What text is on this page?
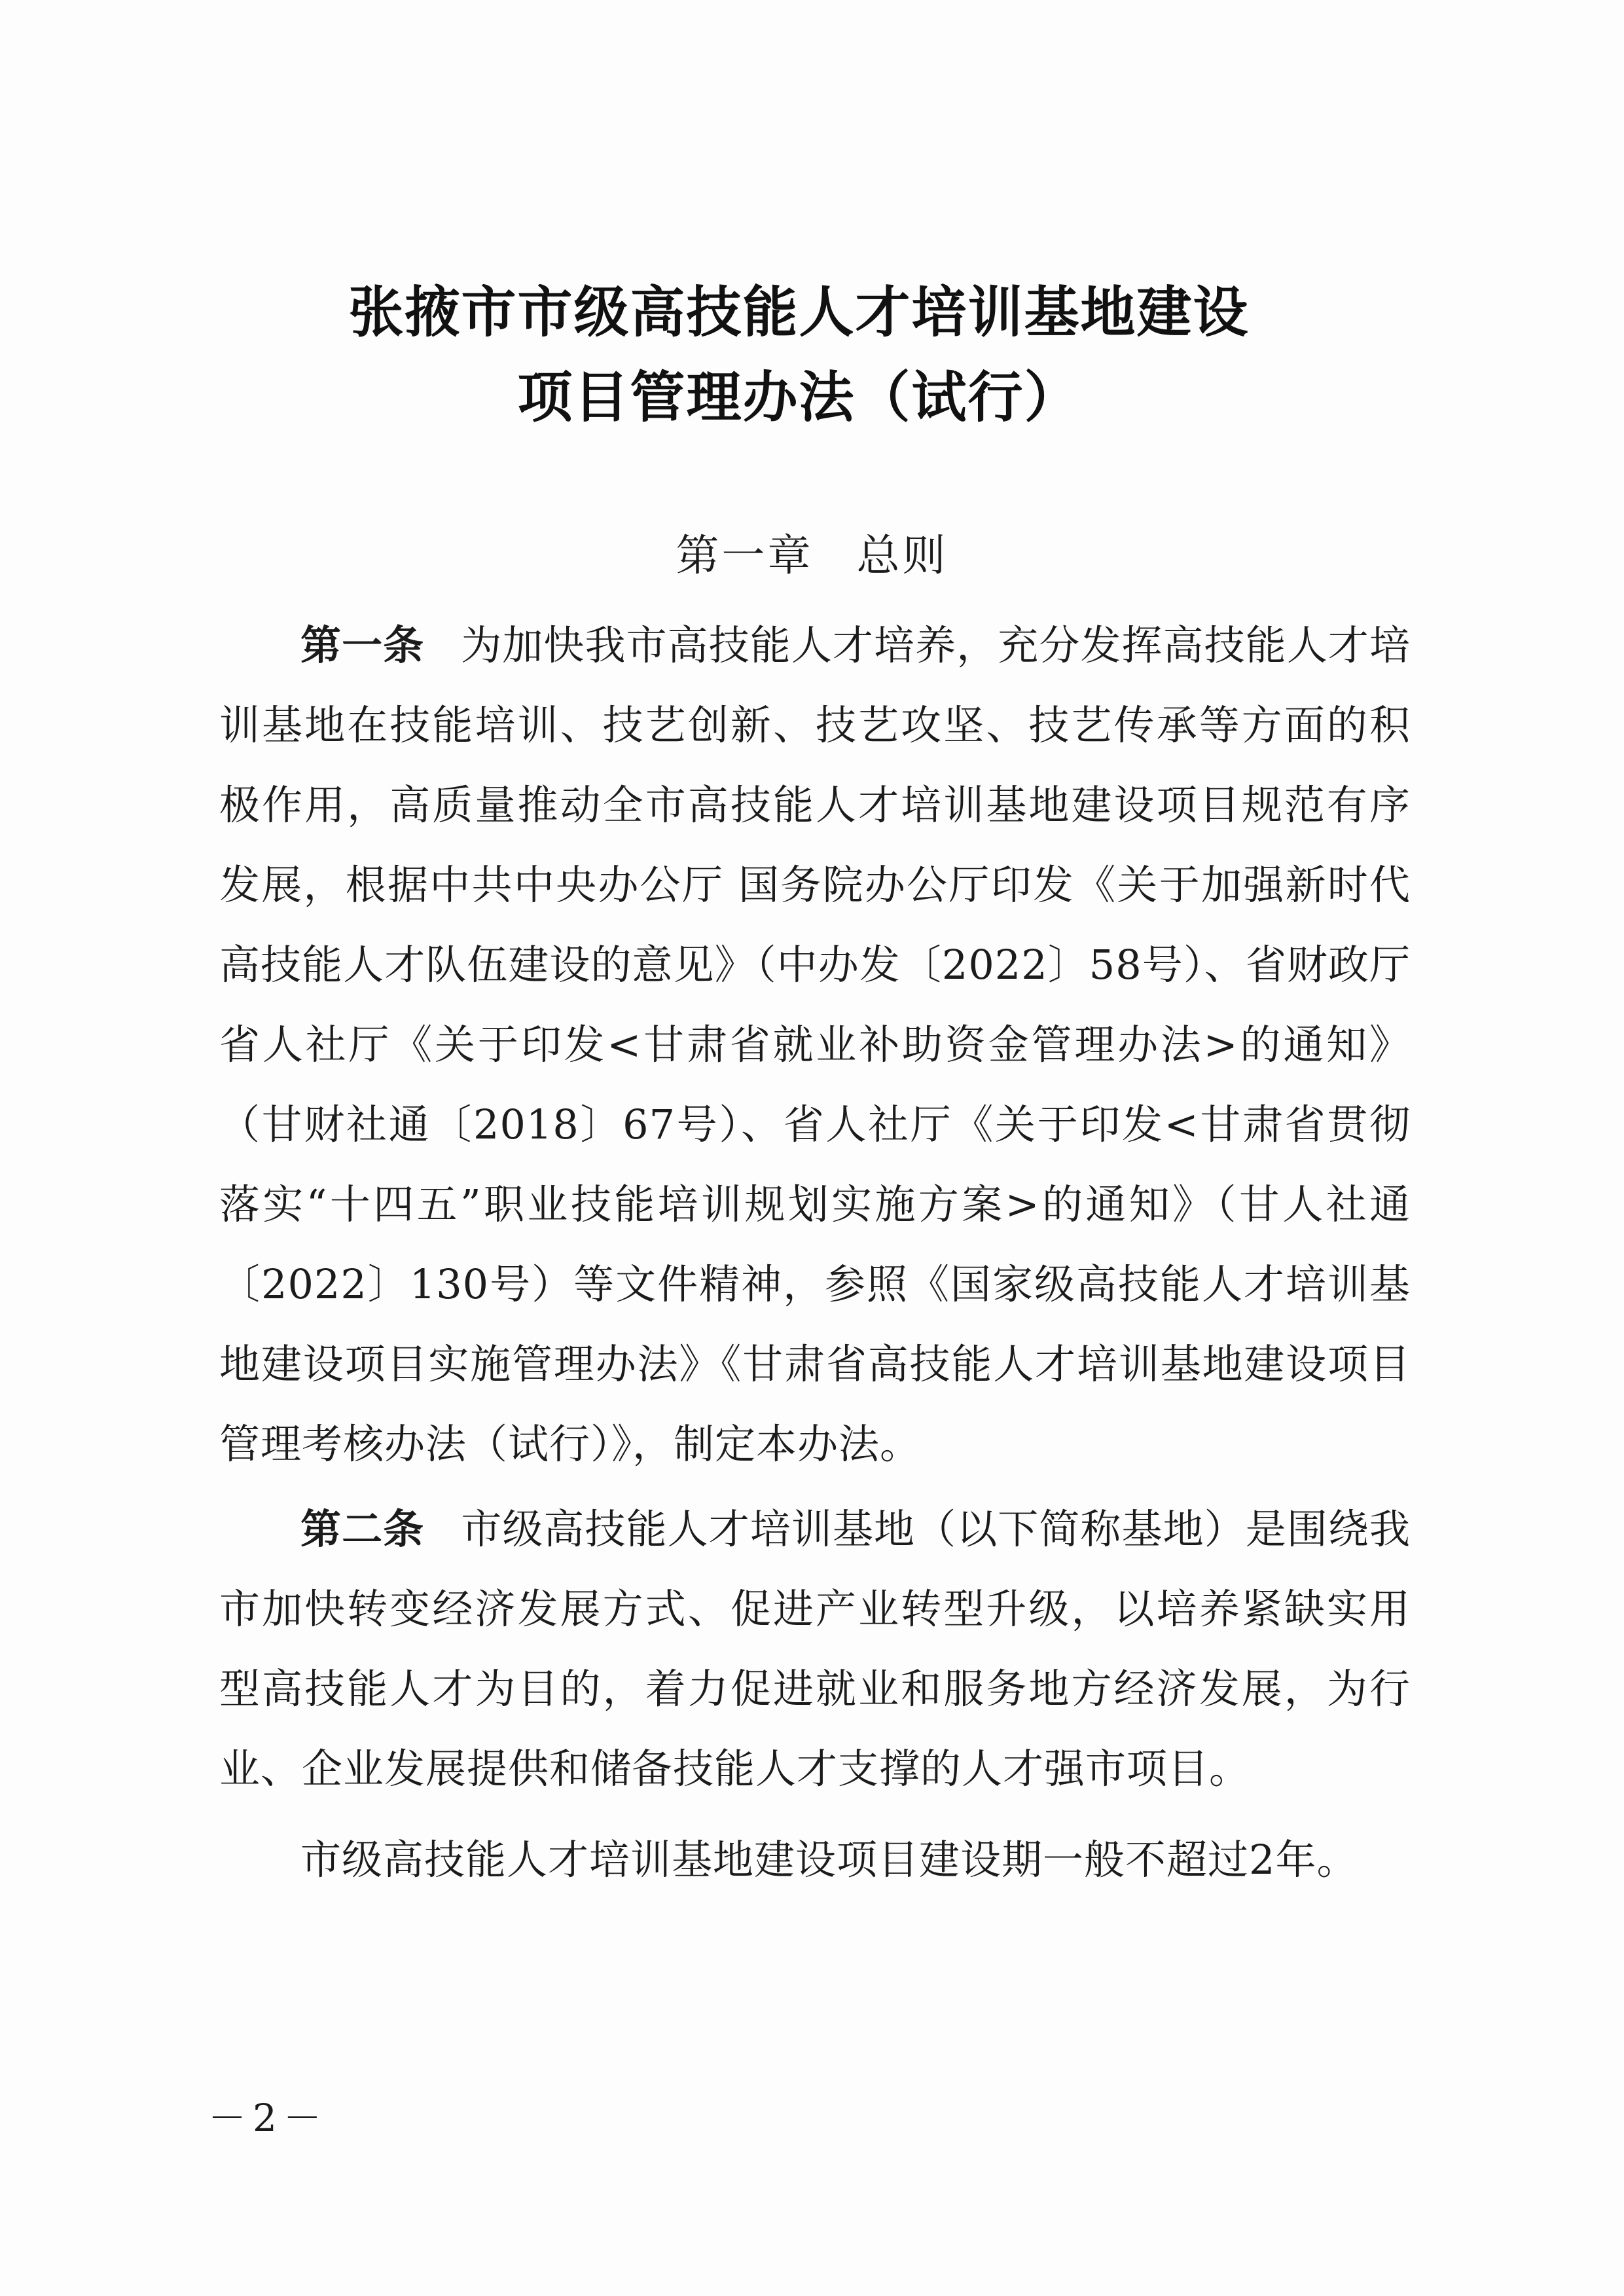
张掖市市级高技能人才培训基地建设
项目管理办法（试行）
第一章 总则

第一条 为加快我市高技能人才培养，充分发挥高技能人才培训基地在技能培训、技艺创新、技艺攻坚、技艺传承等方面的积极作用，高质量推动全市高技能人才培训基地建设项目规范有序发展，根据中共中央办公厅 国务院办公厅印发《关于加强新时代高技能人才队伍建设的意见》（中办发〔2022〕58号）、省财政厅 省人社厅《关于印发<甘肃省就业补助资金管理办法>的通知》（甘财社通〔2018〕67号）、省人社厅《关于印发<甘肃省贯彻落实“十四五”职业技能培训规划实施方案>的通知》（甘人社通〔2022〕130号）等文件精神，参照《国家级高技能人才培训基地建设项目实施管理办法》《甘肃省高技能人才培训基地建设项目管理考核办法（试行）》，制定本办法。

第二条 市级高技能人才培训基地（以下简称基地）是围绕我市加快转变经济发展方式、促进产业转型升级，以培养紧缺实用型高技能人才为目的，着力促进就业和服务地方经济发展，为行业、企业发展提供和储备技能人才支撑的人才强市项目。

市级高技能人才培训基地建设项目建设期一般不超过2年。

－2－
